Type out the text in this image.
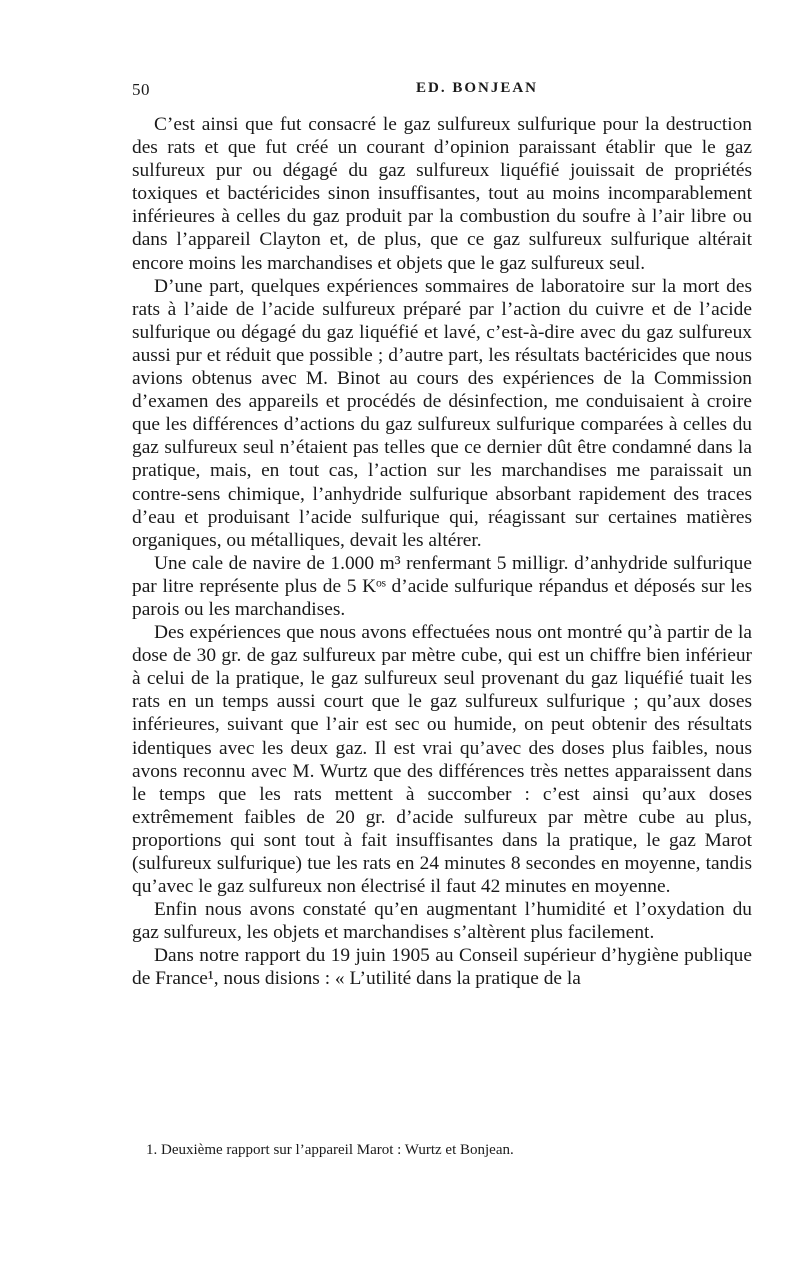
50	ED. BONJEAN

C’est ainsi que fut consacré le gaz sulfureux sulfurique pour la destruction des rats et que fut créé un courant d’opinion paraissant établir que le gaz sulfureux pur ou dégagé du gaz sulfureux liquéfié jouissait de propriétés toxiques et bactéricides sinon insuffisantes, tout au moins incomparablement inférieures à celles du gaz produit par la combustion du soufre à l’air libre ou dans l’appareil Clayton et, de plus, que ce gaz sulfureux sulfurique altérait encore moins les marchandises et objets que le gaz sulfureux seul.

D’une part, quelques expériences sommaires de laboratoire sur la mort des rats à l’aide de l’acide sulfureux préparé par l’action du cuivre et de l’acide sulfurique ou dégagé du gaz liquéfié et lavé, c’est-à-dire avec du gaz sulfureux aussi pur et réduit que possible ; d’autre part, les résultats bactéricides que nous avions obtenus avec M. Binot au cours des expériences de la Commission d’examen des appareils et procédés de désinfection, me conduisaient à croire que les différences d’actions du gaz sulfureux sulfurique comparées à celles du gaz sulfureux seul n’étaient pas telles que ce dernier dût être condamné dans la pratique, mais, en tout cas, l’action sur les marchandises me paraissait un contre-sens chimique, l’anhydride sulfurique absorbant rapidement des traces d’eau et produisant l’acide sulfurique qui, réagissant sur certaines matières organiques, ou métalliques, devait les altérer.

Une cale de navire de 1.000 m³ renfermant 5 milligr. d’anhydride sulfurique par litre représente plus de 5 Kᵒˢ d’acide sulfurique répandus et déposés sur les parois ou les marchandises.

Des expériences que nous avons effectuées nous ont montré qu’à partir de la dose de 30 gr. de gaz sulfureux par mètre cube, qui est un chiffre bien inférieur à celui de la pratique, le gaz sulfureux seul provenant du gaz liquéfié tuait les rats en un temps aussi court que le gaz sulfureux sulfurique ; qu’aux doses inférieures, suivant que l’air est sec ou humide, on peut obtenir des résultats identiques avec les deux gaz. Il est vrai qu’avec des doses plus faibles, nous avons reconnu avec M. Wurtz que des différences très nettes apparaissent dans le temps que les rats mettent à succomber : c’est ainsi qu’aux doses extrêmement faibles de 20 gr. d’acide sulfureux par mètre cube au plus, proportions qui sont tout à fait insuffisantes dans la pratique, le gaz Marot (sulfureux sulfurique) tue les rats en 24 minutes 8 secondes en moyenne, tandis qu’avec le gaz sulfureux non électrisé il faut 42 minutes en moyenne.

Enfin nous avons constaté qu’en augmentant l’humidité et l’oxydation du gaz sulfureux, les objets et marchandises s’altèrent plus facilement.

Dans notre rapport du 19 juin 1905 au Conseil supérieur d’hygiène publique de France¹, nous disions : « L’utilité dans la pratique de la

1. Deuxième rapport sur l’appareil Marot : Wurtz et Bonjean.
